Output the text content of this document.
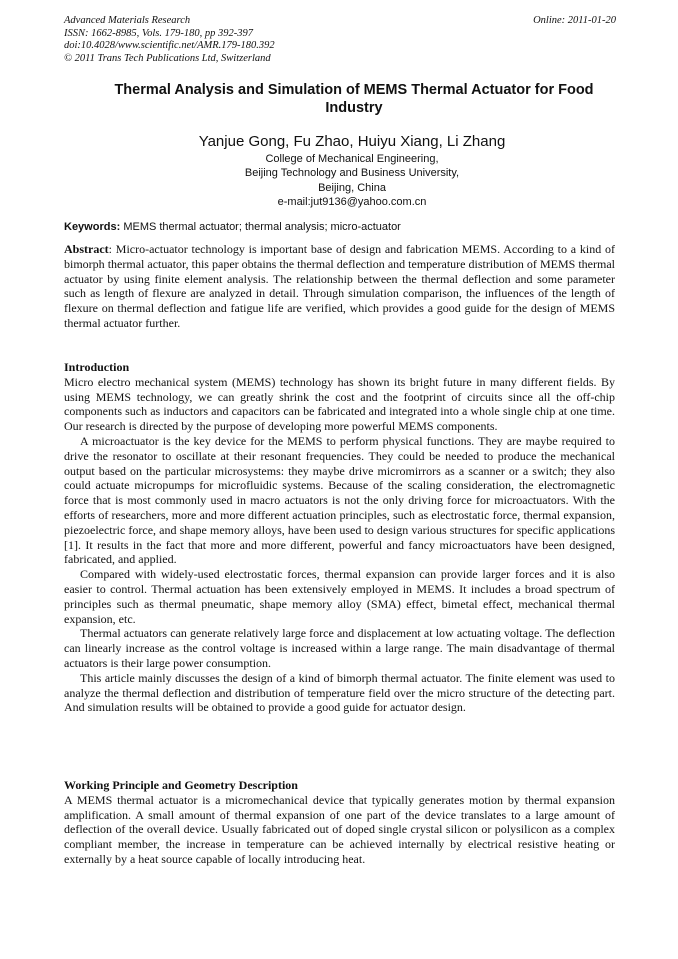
Advanced Materials Research
ISSN: 1662-8985, Vols. 179-180, pp 392-397
doi:10.4028/www.scientific.net/AMR.179-180.392
© 2011 Trans Tech Publications Ltd, Switzerland
Online: 2011-01-20
Thermal Analysis and Simulation of MEMS Thermal Actuator for Food Industry
Yanjue Gong, Fu Zhao, Huiyu Xiang, Li Zhang
College of Mechanical Engineering,
Beijing Technology and Business University,
Beijing, China
e-mail:jut9136@yahoo.com.cn
Keywords: MEMS thermal actuator; thermal analysis; micro-actuator

Abstract: Micro-actuator technology is important base of design and fabrication MEMS. According to a kind of bimorph thermal actuator, this paper obtains the thermal deflection and temperature distribution of MEMS thermal actuator by using finite element analysis. The relationship between the thermal deflection and some parameter such as length of flexure are analyzed in detail. Through simulation comparison, the influences of the length of flexure on thermal deflection and fatigue life are verified, which provides a good guide for the design of MEMS thermal actuator further.

Introduction

Micro electro mechanical system (MEMS) technology has shown its bright future in many different fields. By using MEMS technology, we can greatly shrink the cost and the footprint of circuits since all the off-chip components such as inductors and capacitors can be fabricated and integrated into a whole single chip at one time. Our research is directed by the purpose of developing more powerful MEMS components.

A microactuator is the key device for the MEMS to perform physical functions. They are maybe required to drive the resonator to oscillate at their resonant frequencies. They could be needed to produce the mechanical output based on the particular microsystems: they maybe drive micromirrors as a scanner or a switch; they also could actuate micropumps for microfluidic systems. Because of the scaling consideration, the electromagnetic force that is most commonly used in macro actuators is not the only driving force for microactuators. With the efforts of researchers, more and more different actuation principles, such as electrostatic force, thermal expansion, piezoelectric force, and shape memory alloys, have been used to design various structures for specific applications [1]. It results in the fact that more and more different, powerful and fancy microactuators have been designed, fabricated, and applied.

Compared with widely-used electrostatic forces, thermal expansion can provide larger forces and it is also easier to control. Thermal actuation has been extensively employed in MEMS. It includes a broad spectrum of principles such as thermal pneumatic, shape memory alloy (SMA) effect, bimetal effect, mechanical thermal expansion, etc.

Thermal actuators can generate relatively large force and displacement at low actuating voltage. The deflection can linearly increase as the control voltage is increased within a large range. The main disadvantage of thermal actuators is their large power consumption.

This article mainly discusses the design of a kind of bimorph thermal actuator. The finite element was used to analyze the thermal deflection and distribution of temperature field over the micro structure of the detecting part. And simulation results will be obtained to provide a good guide for actuator design.

Working Principle and Geometry Description

A MEMS thermal actuator is a micromechanical device that typically generates motion by thermal expansion amplification. A small amount of thermal expansion of one part of the device translates to a large amount of deflection of the overall device. Usually fabricated out of doped single crystal silicon or polysilicon as a complex compliant member, the increase in temperature can be achieved internally by electrical resistive heating or externally by a heat source capable of locally introducing heat.
